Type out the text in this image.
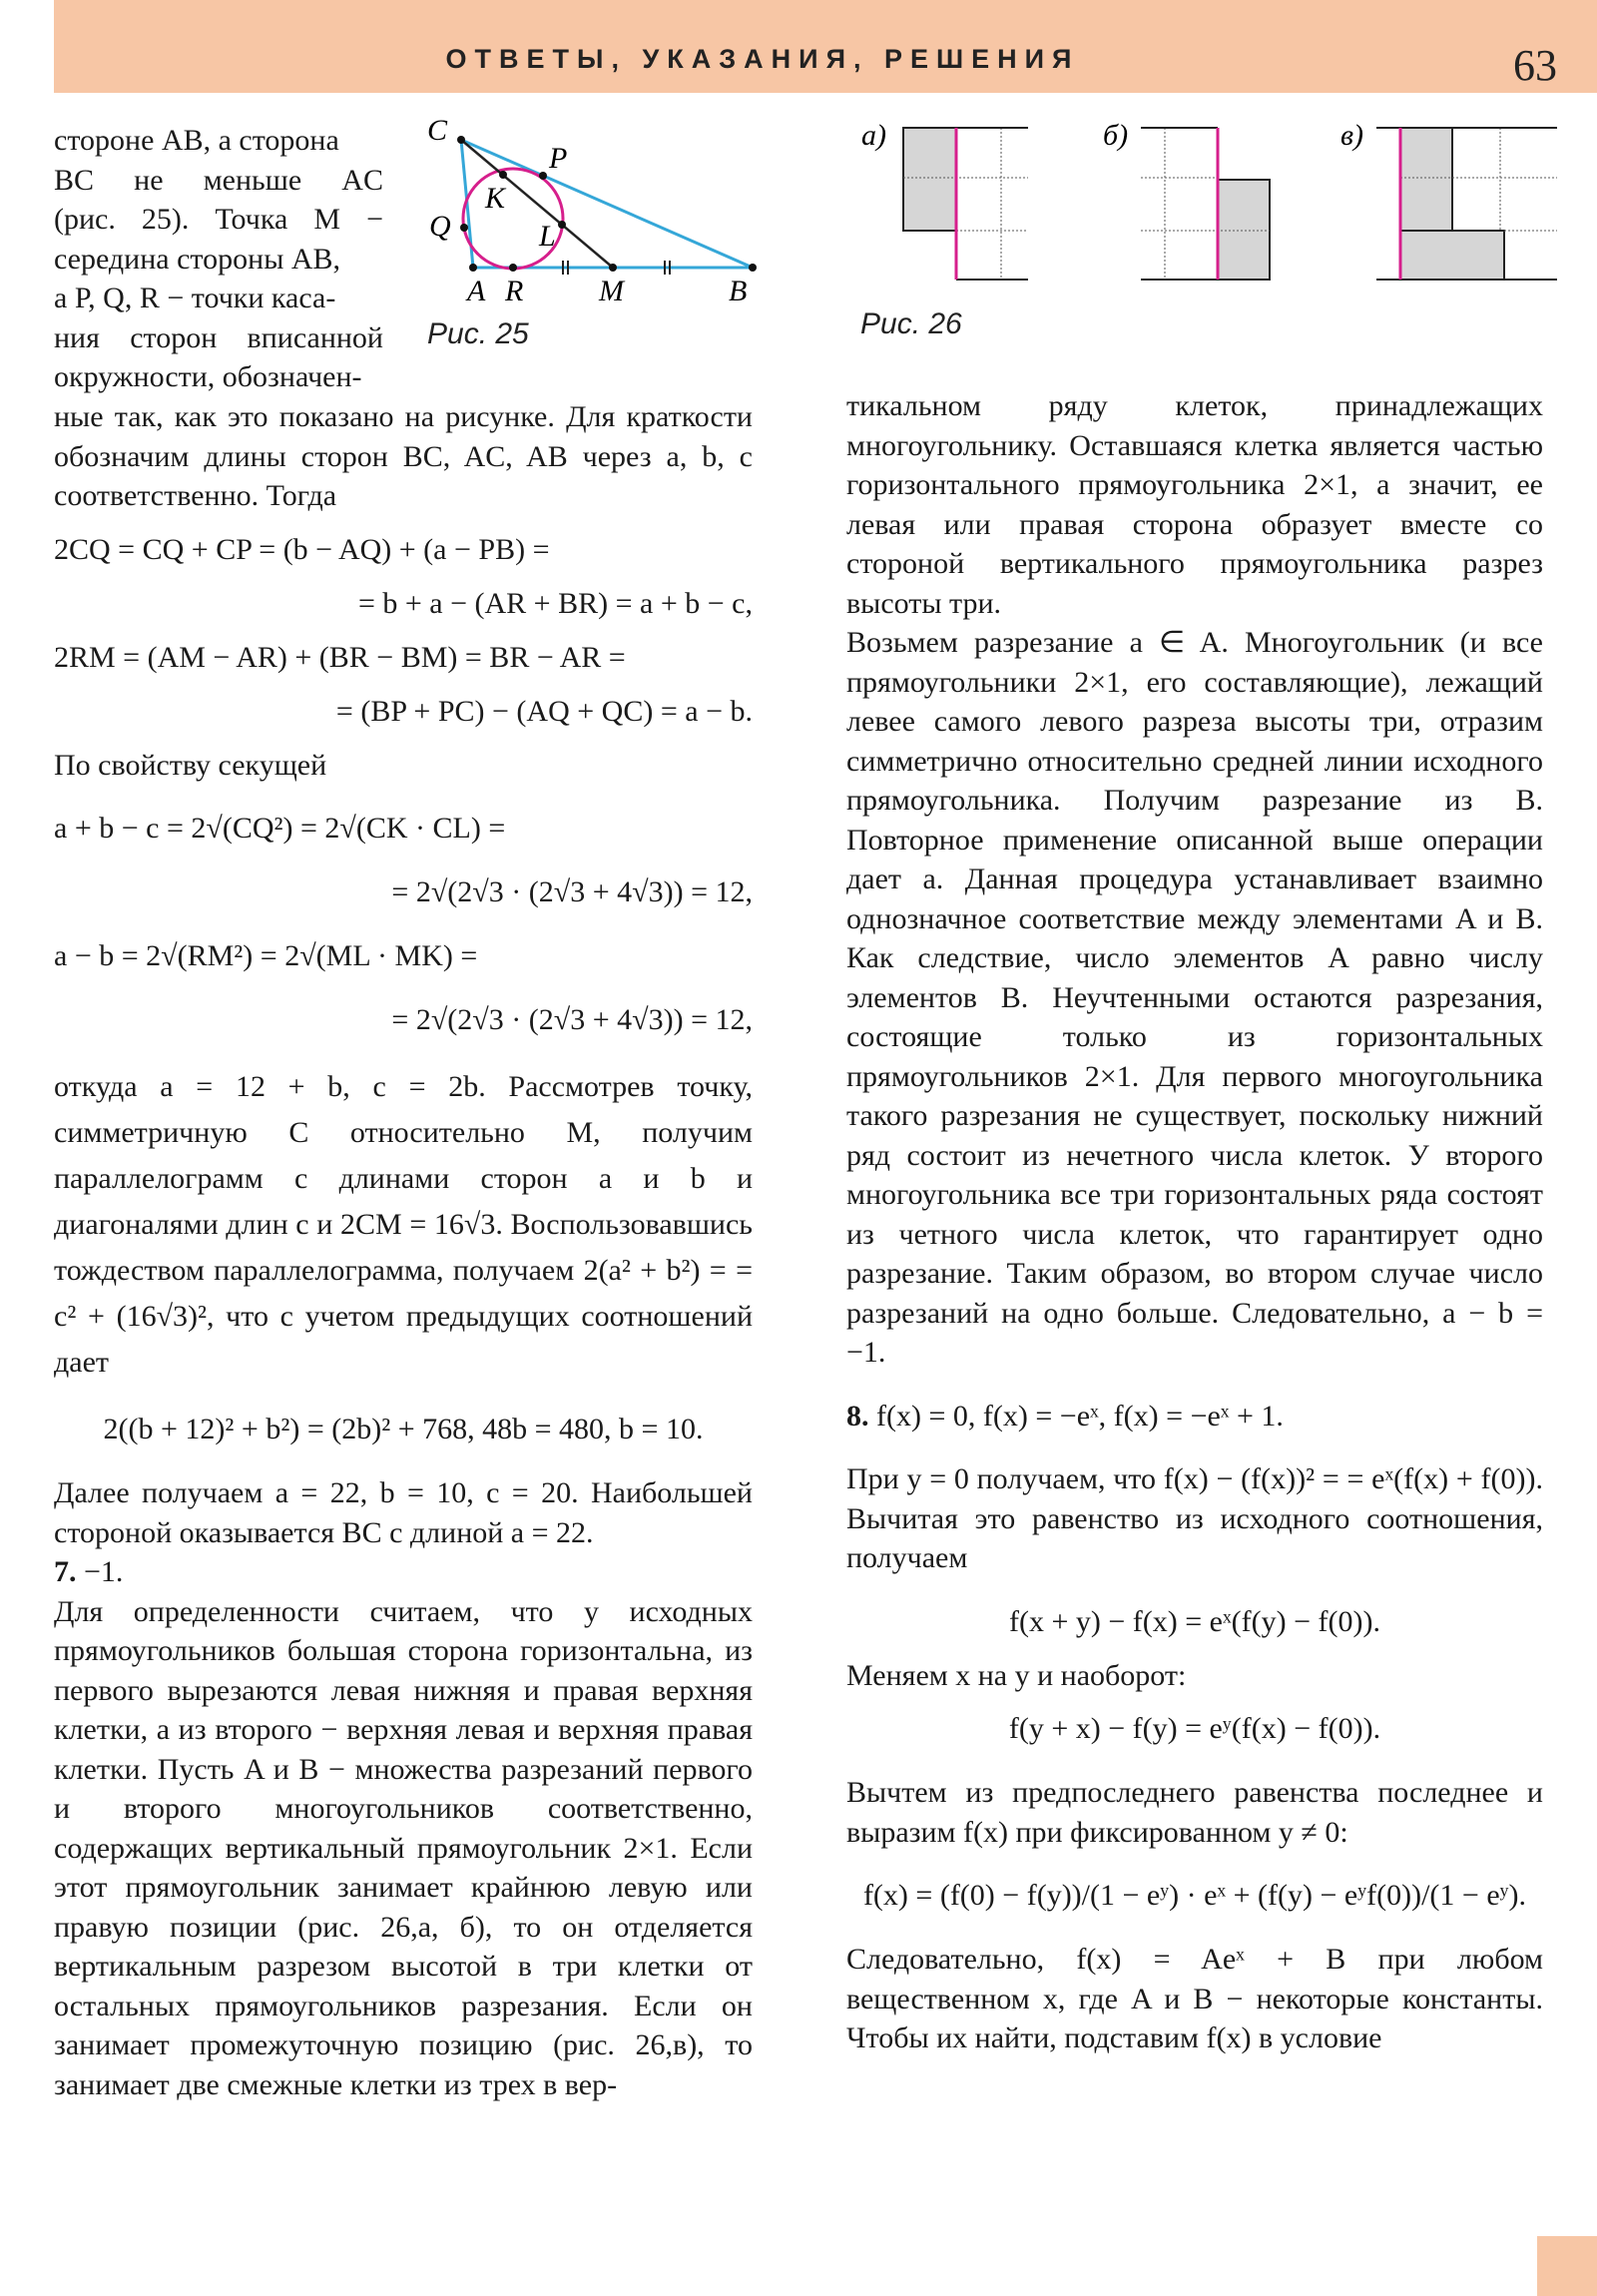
ОТВЕТЫ, УКАЗАНИЯ, РЕШЕНИЯ	63
C
P
K
Q	L
A R	M	B
Рис. 25
а)	б)	в)
Рис. 26

стороне AB, а сторона

BC не меньше AC

(рис. 25). Точка M −

середина стороны AB,

а P, Q, R − точки каса-

ния сторон вписанной

окружности, обозначен-

ные так, как это показано на рисунке. Для краткости обозначим длины сторон BC, AC, AB через a, b, c соответственно. Тогда

2CQ = CQ + CP = (b − AQ) + (a − PB) =

= b + a − (AR + BR) = a + b − c,

2RM = (AM − AR) + (BR − BM) = BR − AR =

= (BP + PC) − (AQ + QC) = a − b.

По свойству секущей

a + b − c = 2√(CQ²) = 2√(CK · CL) =

= 2√(2√3 · (2√3 + 4√3)) = 12,

a − b = 2√(RM²) = 2√(ML · MK) =

= 2√(2√3 · (2√3 + 4√3)) = 12,

откуда a = 12 + b, c = 2b. Рассмотрев точку, симметричную C относительно M, получим параллелограмм с длинами сторон a и b и диагоналями длин c и 2CM = 16√3. Воспользовавшись тождеством параллелограмма, получаем 2(a² + b²) = = c² + (16√3)², что с учетом предыдущих соотношений дает

2((b + 12)² + b²) = (2b)² + 768, 48b = 480, b = 10.

Далее получаем a = 22, b = 10, c = 20. Наибольшей стороной оказывается BC с длиной a = 22.

7. −1.

Для определенности считаем, что у исходных прямоугольников большая сторона горизонтальна, из первого вырезаются левая нижняя и правая верхняя клетки, а из второго − верхняя левая и верхняя правая клетки. Пусть A и B − множества разрезаний первого и второго многоугольников соответственно, содержащих вертикальный прямоугольник 2×1. Если этот прямоугольник занимает крайнюю левую или правую позиции (рис. 26,а, б), то он отделяется вертикальным разрезом высотой в три клетки от остальных прямоугольников разрезания. Если он занимает промежуточную позицию (рис. 26,в), то занимает две смежные клетки из трех в вер-

тикальном ряду клеток, принадлежащих многоугольнику. Оставшаяся клетка является частью горизонтального прямоугольника 2×1, а значит, ее левая или правая сторона образует вместе со стороной вертикального прямоугольника разрез высоты три.

Возьмем разрезание a ∈ A. Многоугольник (и все прямоугольники 2×1, его составляющие), лежащий левее самого левого разреза высоты три, отразим симметрично относительно средней линии исходного прямоугольника. Получим разрезание из B. Повторное применение описанной выше операции дает a. Данная процедура устанавливает взаимно однозначное соответствие между элементами A и B. Как следствие, число элементов A равно числу элементов B. Неучтенными остаются разрезания, состоящие только из горизонтальных прямоугольников 2×1. Для первого многоугольника такого разрезания не существует, поскольку нижний ряд состоит из нечетного числа клеток. У второго многоугольника все три горизонтальных ряда состоят из четного числа клеток, что гарантирует одно разрезание. Таким образом, во втором случае число разрезаний на одно больше. Следовательно, a − b = −1.

8. f(x) = 0, f(x) = −eˣ, f(x) = −eˣ + 1.

При y = 0 получаем, что f(x) − (f(x))² = = eˣ(f(x) + f(0)). Вычитая это равенство из исходного соотношения, получаем

f(x + y) − f(x) = eˣ(f(y) − f(0)).

Меняем x на y и наоборот:

f(y + x) − f(y) = eʸ(f(x) − f(0)).

Вычтем из предпоследнего равенства последнее и выразим f(x) при фиксированном y ≠ 0:

f(x) = (f(0) − f(y))/(1 − eʸ) · eˣ + (f(y) − eʸf(0))/(1 − eʸ).

Следовательно, f(x) = Aeˣ + B при любом вещественном x, где A и B − некоторые константы. Чтобы их найти, подставим f(x) в условие
